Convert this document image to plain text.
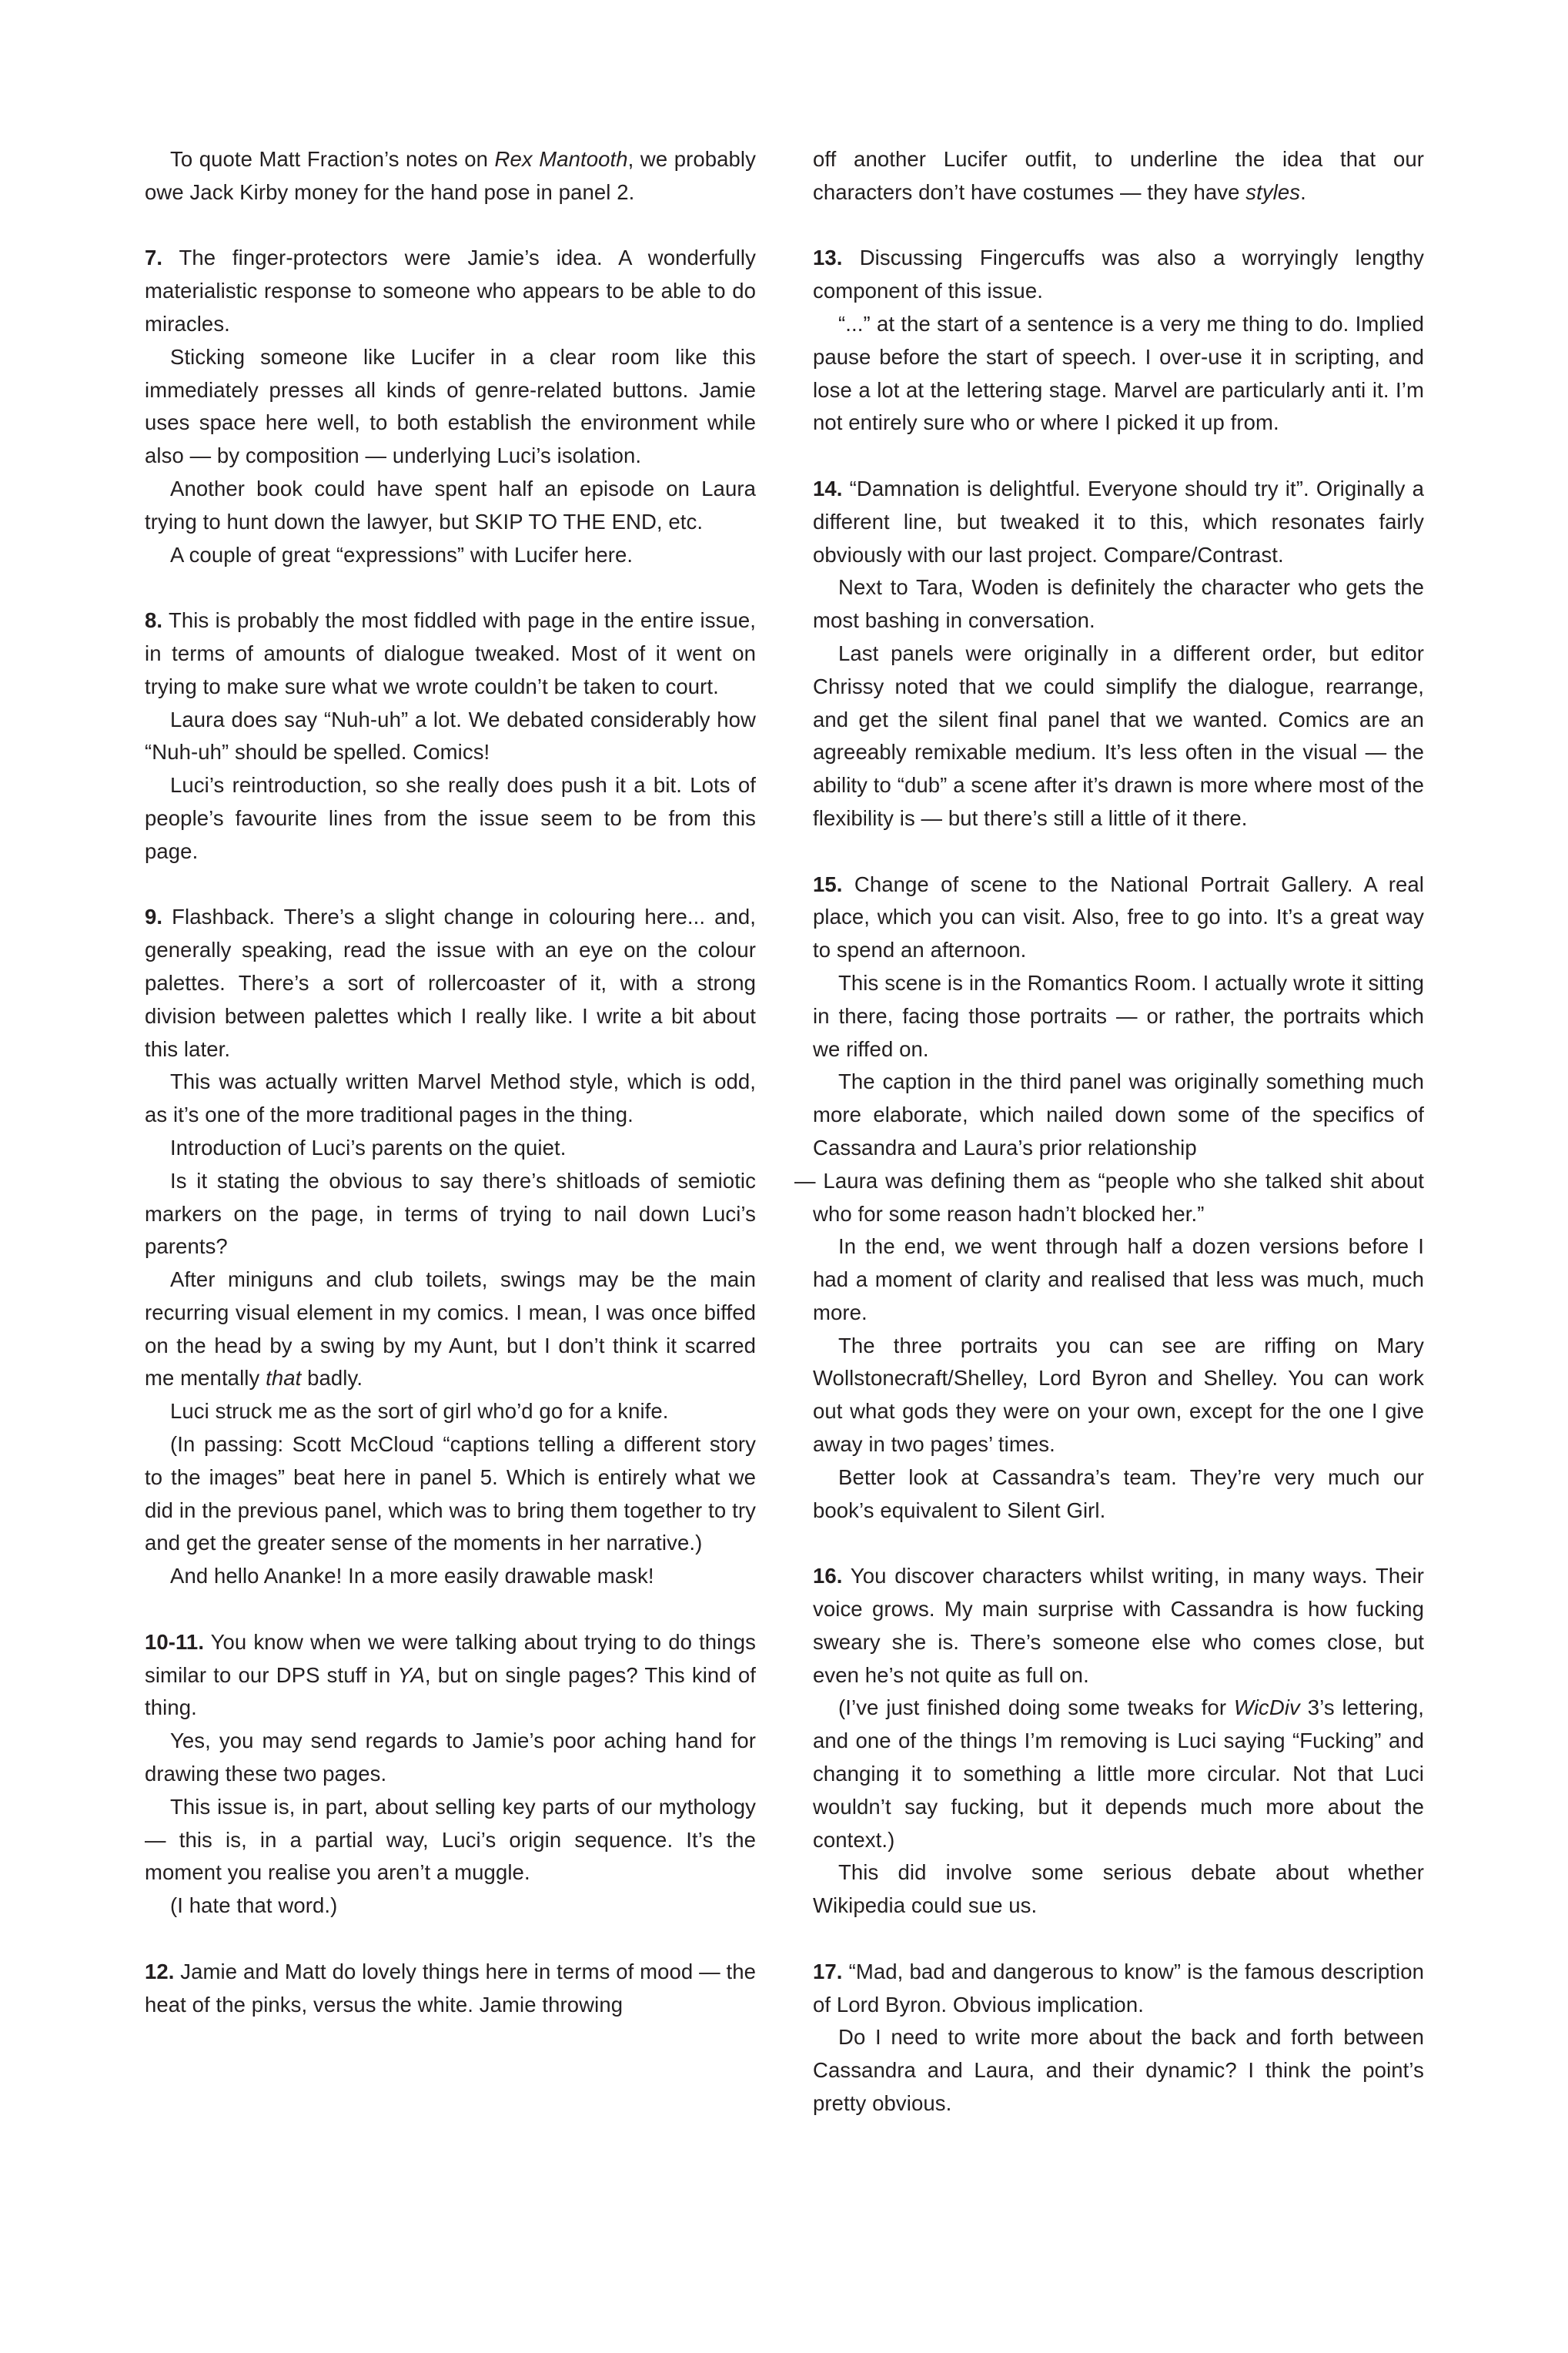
To quote Matt Fraction’s notes on Rex Mantooth, we probably owe Jack Kirby money for the hand pose in panel 2.

7. The finger-protectors were Jamie’s idea. A wonderfully materialistic response to someone who appears to be able to do miracles.

Sticking someone like Lucifer in a clear room like this immediately presses all kinds of genre-related buttons. Jamie uses space here well, to both establish the environment while also — by composition — underlying Luci’s isolation.

Another book could have spent half an episode on Laura trying to hunt down the lawyer, but SKIP TO THE END, etc.

A couple of great “expressions” with Lucifer here.

8. This is probably the most fiddled with page in the entire issue, in terms of amounts of dialogue tweaked. Most of it went on trying to make sure what we wrote couldn’t be taken to court.

Laura does say “Nuh-uh” a lot. We debated considerably how “Nuh-uh” should be spelled. Comics!

Luci’s reintroduction, so she really does push it a bit. Lots of people’s favourite lines from the issue seem to be from this page.

9. Flashback. There’s a slight change in colouring here... and, generally speaking, read the issue with an eye on the colour palettes. There’s a sort of rollercoaster of it, with a strong division between palettes which I really like. I write a bit about this later.

This was actually written Marvel Method style, which is odd, as it’s one of the more traditional pages in the thing.

Introduction of Luci’s parents on the quiet.

Is it stating the obvious to say there’s shitloads of semiotic markers on the page, in terms of trying to nail down Luci’s parents?

After miniguns and club toilets, swings may be the main recurring visual element in my comics. I mean, I was once biffed on the head by a swing by my Aunt, but I don’t think it scarred me mentally that badly.

Luci struck me as the sort of girl who’d go for a knife.

(In passing: Scott McCloud “captions telling a different story to the images” beat here in panel 5. Which is entirely what we did in the previous panel, which was to bring them together to try and get the greater sense of the moments in her narrative.)

And hello Ananke! In a more easily drawable mask!

10-11. You know when we were talking about trying to do things similar to our DPS stuff in YA, but on single pages? This kind of thing.

Yes, you may send regards to Jamie’s poor aching hand for drawing these two pages.

This issue is, in part, about selling key parts of our mythology — this is, in a partial way, Luci’s origin sequence. It’s the moment you realise you aren’t a muggle.

(I hate that word.)

12. Jamie and Matt do lovely things here in terms of mood — the heat of the pinks, versus the white. Jamie throwing

off another Lucifer outfit, to underline the idea that our characters don’t have costumes — they have styles.

13. Discussing Fingercuffs was also a worryingly lengthy component of this issue.

“...” at the start of a sentence is a very me thing to do. Implied pause before the start of speech. I over-use it in scripting, and lose a lot at the lettering stage. Marvel are particularly anti it. I’m not entirely sure who or where I picked it up from.

14. “Damnation is delightful. Everyone should try it”. Originally a different line, but tweaked it to this, which resonates fairly obviously with our last project. Compare/Contrast.

Next to Tara, Woden is definitely the character who gets the most bashing in conversation.

Last panels were originally in a different order, but editor Chrissy noted that we could simplify the dialogue, rearrange, and get the silent final panel that we wanted. Comics are an agreeably remixable medium. It’s less often in the visual — the ability to “dub” a scene after it’s drawn is more where most of the flexibility is — but there’s still a little of it there.

15. Change of scene to the National Portrait Gallery. A real place, which you can visit. Also, free to go into. It’s a great way to spend an afternoon.

This scene is in the Romantics Room. I actually wrote it sitting in there, facing those portraits — or rather, the portraits which we riffed on.

The caption in the third panel was originally something much more elaborate, which nailed down some of the specifics of Cassandra and Laura’s prior relationship

— Laura was defining them as “people who she talked shit about who for some reason hadn’t blocked her.”

In the end, we went through half a dozen versions before I had a moment of clarity and realised that less was much, much more.

The three portraits you can see are riffing on Mary Wollstonecraft/Shelley, Lord Byron and Shelley. You can work out what gods they were on your own, except for the one I give away in two pages’ times.

Better look at Cassandra’s team. They’re very much our book’s equivalent to Silent Girl.

16. You discover characters whilst writing, in many ways. Their voice grows. My main surprise with Cassandra is how fucking sweary she is. There’s someone else who comes close, but even he’s not quite as full on.

(I’ve just finished doing some tweaks for WicDiv 3’s lettering, and one of the things I’m removing is Luci saying “Fucking” and changing it to something a little more circular. Not that Luci wouldn’t say fucking, but it depends much more about the context.)

This did involve some serious debate about whether Wikipedia could sue us.

17. “Mad, bad and dangerous to know” is the famous description of Lord Byron. Obvious implication.

Do I need to write more about the back and forth between Cassandra and Laura, and their dynamic? I think the point’s pretty obvious.
